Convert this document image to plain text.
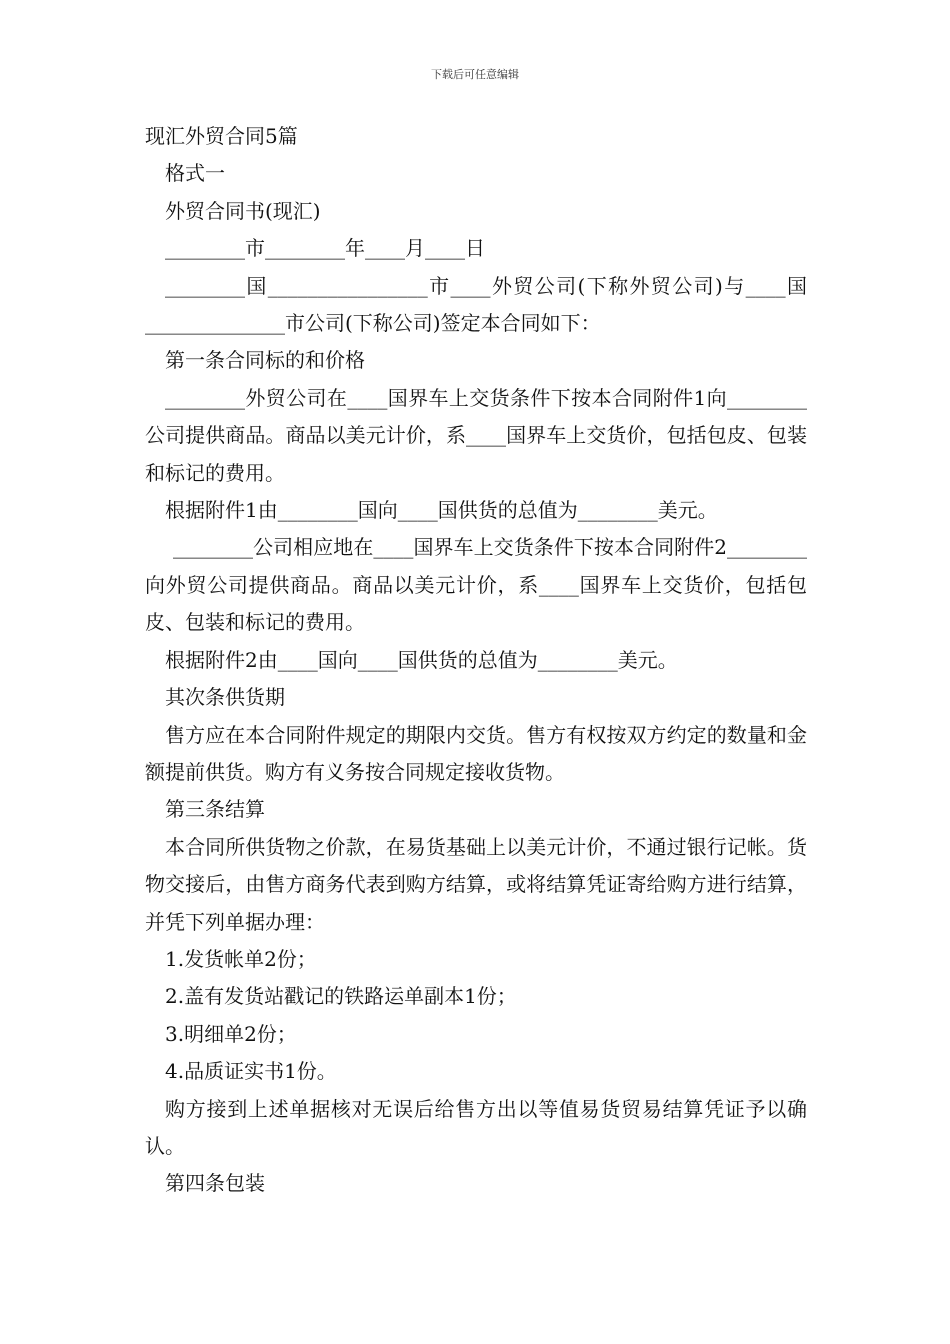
下载后可任意编辑

现汇外贸合同5篇

格式一

外贸合同书(现汇)

________市________年____月____日

________国________________市____外贸公司(下称外贸公司)与____国______________市公司(下称公司)签定本合同如下：

第一条合同标的和价格

________外贸公司在____国界车上交货条件下按本合同附件1向________公司提供商品。商品以美元计价，系____国界车上交货价，包括包皮、包装和标记的费用。

根据附件1由________国向____国供货的总值为________美元。

________公司相应地在____国界车上交货条件下按本合同附件2________向外贸公司提供商品。商品以美元计价，系____国界车上交货价，包括包皮、包装和标记的费用。

根据附件2由____国向____国供货的总值为________美元。

其次条供货期

售方应在本合同附件规定的期限内交货。售方有权按双方约定的数量和金额提前供货。购方有义务按合同规定接收货物。

第三条结算

本合同所供货物之价款，在易货基础上以美元计价，不通过银行记帐。货物交接后，由售方商务代表到购方结算，或将结算凭证寄给购方进行结算，并凭下列单据办理：

1.发货帐单2份；

2.盖有发货站戳记的铁路运单副本1份；

3.明细单2份；

4.品质证实书1份。

购方接到上述单据核对无误后给售方出以等值易货贸易结算凭证予以确认。

第四条包装
